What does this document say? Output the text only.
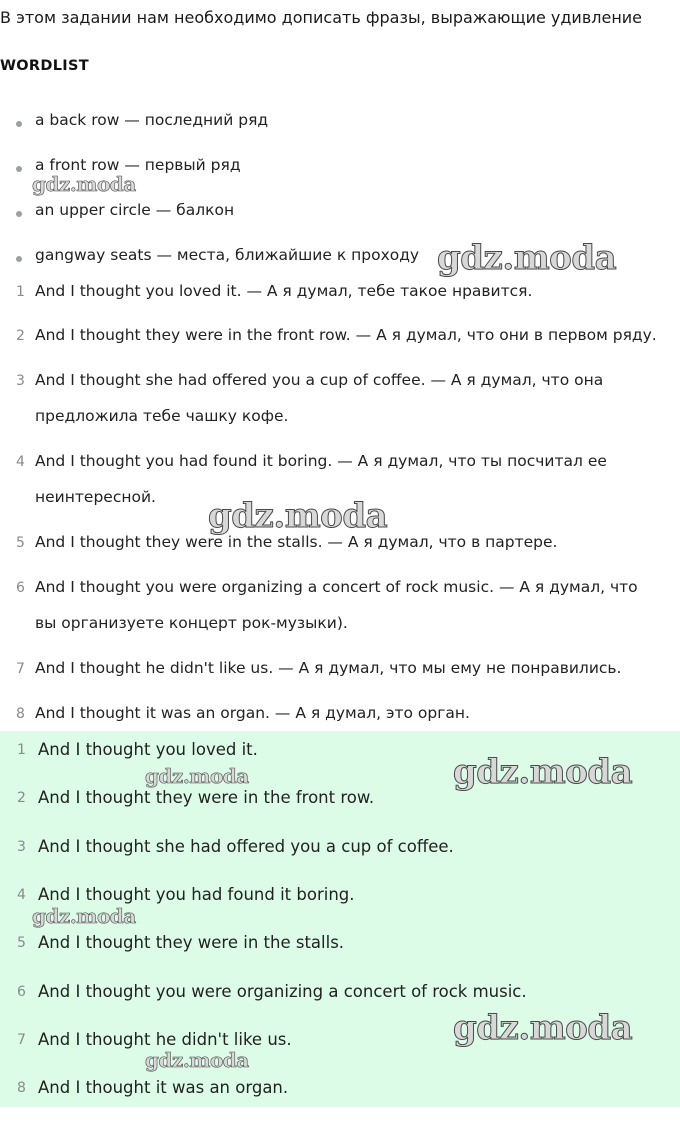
В этом задании нам необходимо дописать фразы, выражающие удивление
WORDLIST
a back row — последний ряд
a front row — первый ряд
an upper circle — балкон
gangway seats — места, ближайшие к проходу
1 And I thought you loved it. — А я думал, тебе такое нравится.
2 And I thought they were in the front row. — А я думал, что они в первом ряду.
3 And I thought she had offered you a cup of coffee. — А я думал, что она
предложила тебе чашку кофе.
4 And I thought you had found it boring. — А я думал, что ты посчитал ее
неинтересной.
5 And I thought they were in the stalls. — А я думал, что в партере.
6 And I thought you were organizing a concert of rock music. — А я думал, что
вы организуете концерт рок-музыки).
7 And I thought he didn't like us. — А я думал, что мы ему не понравились.
8 And I thought it was an organ. — А я думал, это орган.
1 And I thought you loved it.
2 And I thought they were in the front row.
3 And I thought she had offered you a cup of coffee.
4 And I thought you had found it boring.
5 And I thought they were in the stalls.
6 And I thought you were organizing a concert of rock music.
7 And I thought he didn't like us.
8 And I thought it was an organ.
gdz.moda
gdz.moda
gdz.moda
gdz.moda	gdz.moda
gdz.moda
gdz.moda
gdz.moda
